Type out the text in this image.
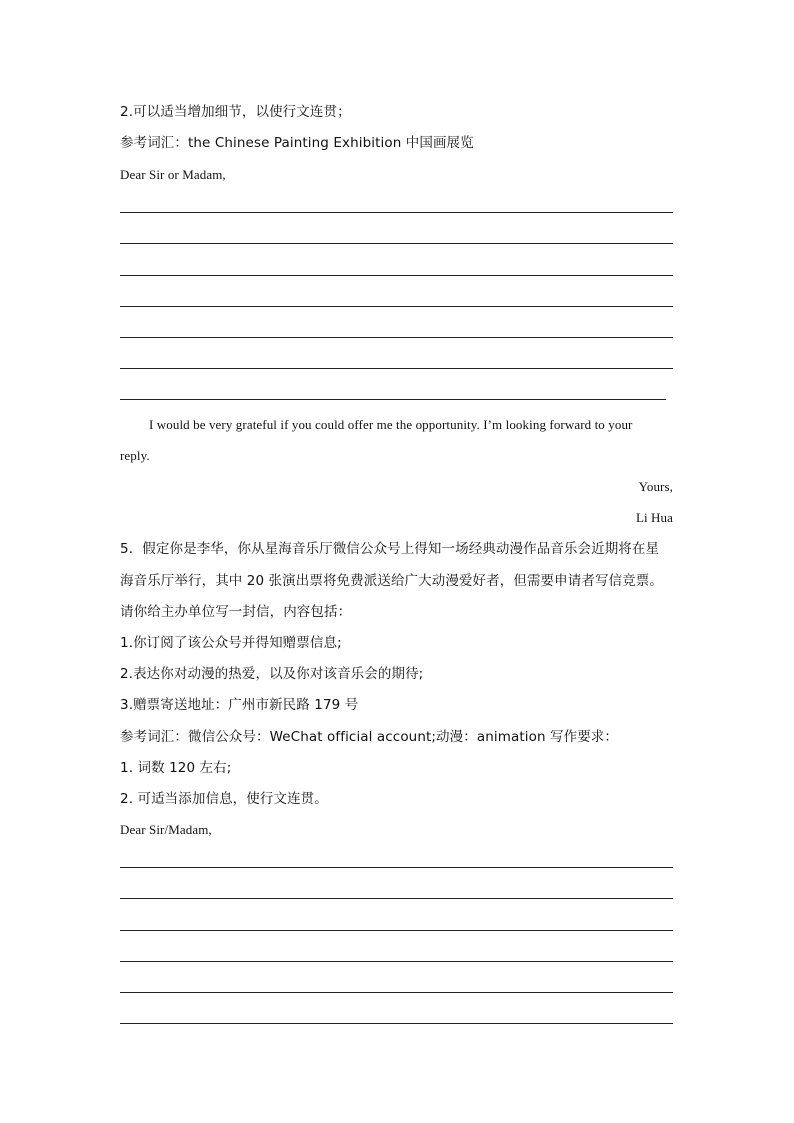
2.可以适当增加细节，以使行文连贯；
参考词汇：the Chinese Painting Exhibition 中国画展览
Dear Sir or Madam,
I would be very grateful if you could offer me the opportunity. I’m looking forward to your
reply.
Yours,
Li Hua
5．假定你是李华，你从星海音乐厅微信公众号上得知一场经典动漫作品音乐会近期将在星
海音乐厅举行，其中 20 张演出票将免费派送给广大动漫爱好者，但需要申请者写信竞票。
请你给主办单位写一封信，内容包括：
1.你订阅了该公众号并得知赠票信息;
2.表达你对动漫的热爱，以及你对该音乐会的期待;
3.赠票寄送地址：广州市新民路 179 号
参考词汇：微信公众号：WeChat official account;动漫：animation 写作要求：
1. 词数 120 左右;
2. 可适当添加信息，使行文连贯。
Dear Sir/Madam,
